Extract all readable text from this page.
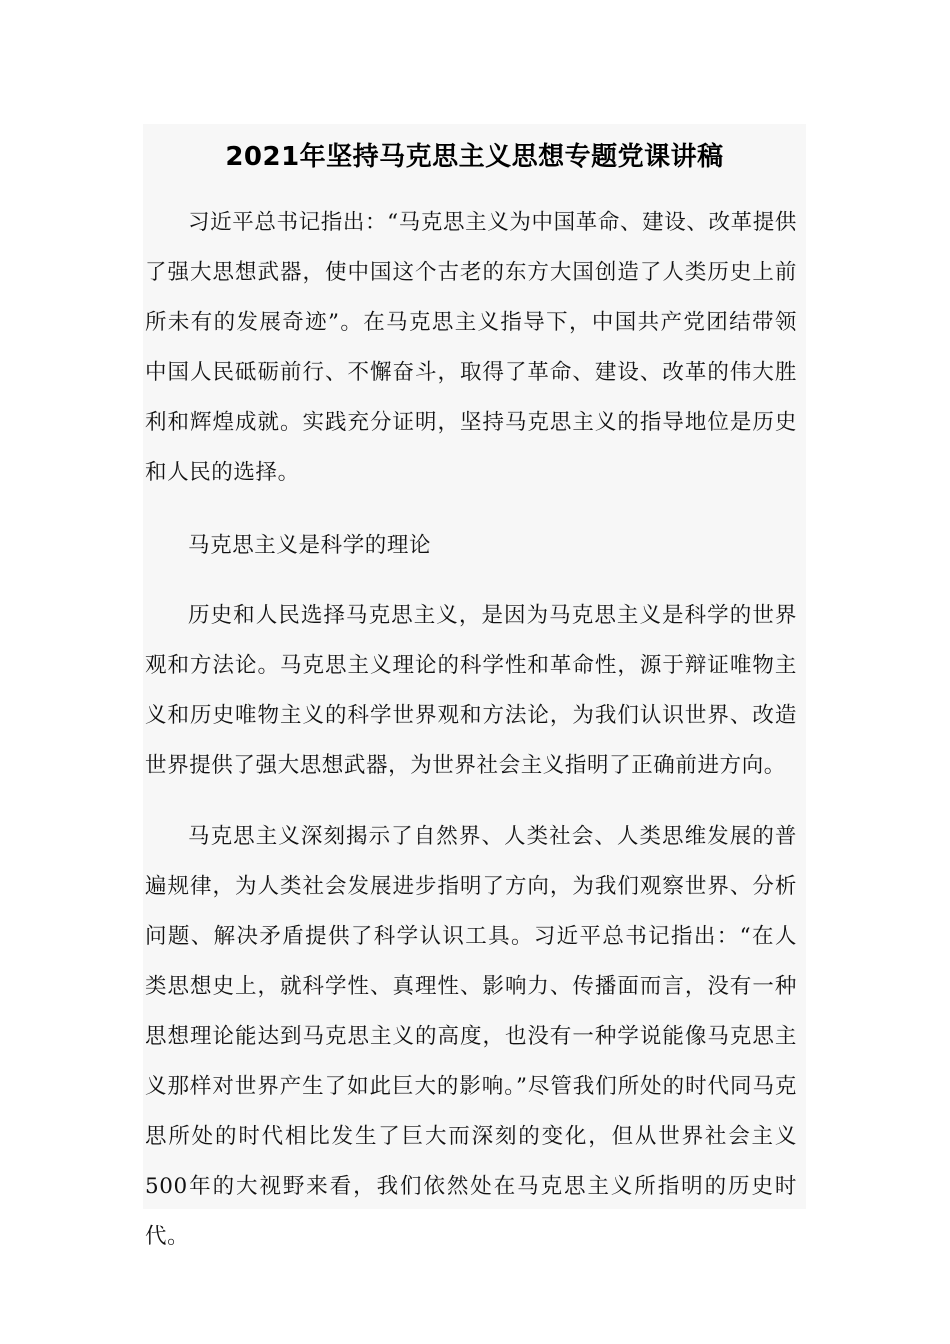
2021年坚持马克思主义思想专题党课讲稿

习近平总书记指出：“马克思主义为中国革命、建设、改革提供了强大思想武器，使中国这个古老的东方大国创造了人类历史上前所未有的发展奇迹”。在马克思主义指导下，中国共产党团结带领中国人民砥砺前行、不懈奋斗，取得了革命、建设、改革的伟大胜利和辉煌成就。实践充分证明，坚持马克思主义的指导地位是历史和人民的选择。

马克思主义是科学的理论

历史和人民选择马克思主义，是因为马克思主义是科学的世界观和方法论。马克思主义理论的科学性和革命性，源于辩证唯物主义和历史唯物主义的科学世界观和方法论，为我们认识世界、改造世界提供了强大思想武器，为世界社会主义指明了正确前进方向。

马克思主义深刻揭示了自然界、人类社会、人类思维发展的普遍规律，为人类社会发展进步指明了方向，为我们观察世界、分析问题、解决矛盾提供了科学认识工具。习近平总书记指出：“在人类思想史上，就科学性、真理性、影响力、传播面而言，没有一种思想理论能达到马克思主义的高度，也没有一种学说能像马克思主义那样对世界产生了如此巨大的影响。”尽管我们所处的时代同马克思所处的时代相比发生了巨大而深刻的变化，但从世界社会主义500年的大视野来看，我们依然处在马克思主义所指明的历史时代。
